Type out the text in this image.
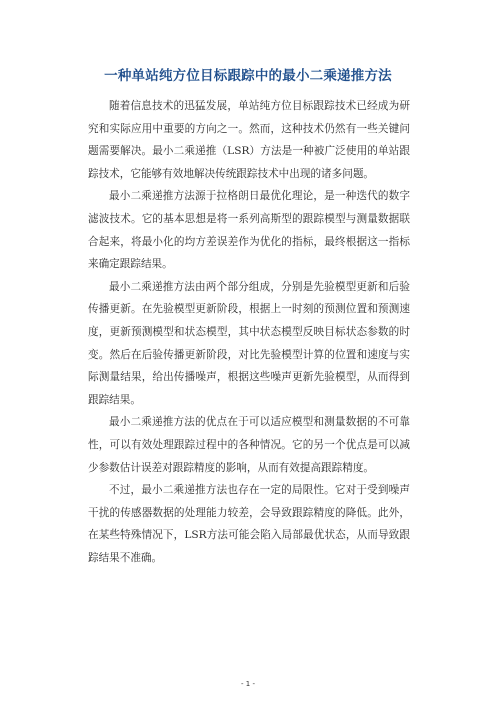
一种单站纯方位目标跟踪中的最小二乘递推方法

随着信息技术的迅猛发展，单站纯方位目标跟踪技术已经成为研究和实际应用中重要的方向之一。然而，这种技术仍然有一些关键问题需要解决。最小二乘递推（LSR）方法是一种被广泛使用的单站跟踪技术，它能够有效地解决传统跟踪技术中出现的诸多问题。

最小二乘递推方法源于拉格朗日最优化理论，是一种迭代的数字滤波技术。它的基本思想是将一系列高斯型的跟踪模型与测量数据联合起来，将最小化的均方差误差作为优化的指标，最终根据这一指标来确定跟踪结果。

最小二乘递推方法由两个部分组成，分别是先验模型更新和后验传播更新。在先验模型更新阶段，根据上一时刻的预测位置和预测速度，更新预测模型和状态模型，其中状态模型反映目标状态参数的时变。然后在后验传播更新阶段，对比先验模型计算的位置和速度与实际测量结果，给出传播噪声，根据这些噪声更新先验模型，从而得到跟踪结果。

最小二乘递推方法的优点在于可以适应模型和测量数据的不可靠性，可以有效处理跟踪过程中的各种情况。它的另一个优点是可以减少参数估计误差对跟踪精度的影响，从而有效提高跟踪精度。

不过，最小二乘递推方法也存在一定的局限性。它对于受到噪声干扰的传感器数据的处理能力较差，会导致跟踪精度的降低。此外，在某些特殊情况下，LSR方法可能会陷入局部最优状态，从而导致跟踪结果不准确。

- 1 -
